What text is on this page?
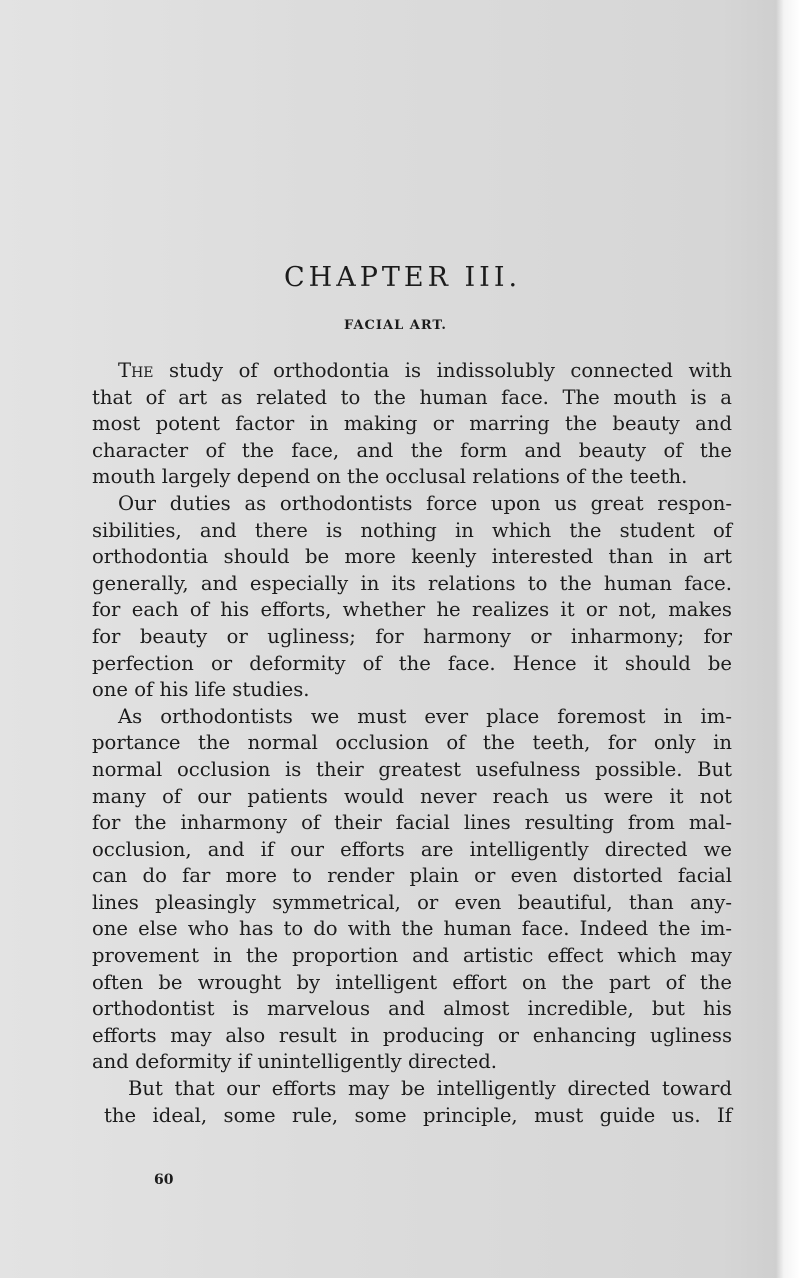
CHAPTER III.
FACIAL ART.

The study of orthodontia is indissolubly connected with

that of art as related to the human face. The mouth is a
most potent factor in making or marring the beauty and
character of the face, and the form and beauty of the
mouth largely depend on the occlusal relations of the teeth.

Our duties as orthodontists force upon us great respon-
sibilities, and there is nothing in which the student of
orthodontia should be more keenly interested than in art
generally, and especially in its relations to the human face.
for each of his efforts, whether he realizes it or not, makes
for beauty or ugliness; for harmony or inharmony; for
perfection or deformity of the face. Hence it should be
one of his life studies.

As orthodontists we must ever place foremost in im-
portance the normal occlusion of the teeth, for only in
normal occlusion is their greatest usefulness possible. But
many of our patients would never reach us were it not
for the inharmony of their facial lines resulting from mal-
occlusion, and if our efforts are intelligently directed we
can do far more to render plain or even distorted facial
lines pleasingly symmetrical, or even beautiful, than any-
one else who has to do with the human face. Indeed the im-
provement in the proportion and artistic effect which may
often be wrought by intelligent effort on the part of the
orthodontist is marvelous and almost incredible, but his
efforts may also result in producing or enhancing ugliness
and deformity if unintelligently directed.

But that our efforts may be intelligently directed toward
the ideal, some rule, some principle, must guide us. If

60
